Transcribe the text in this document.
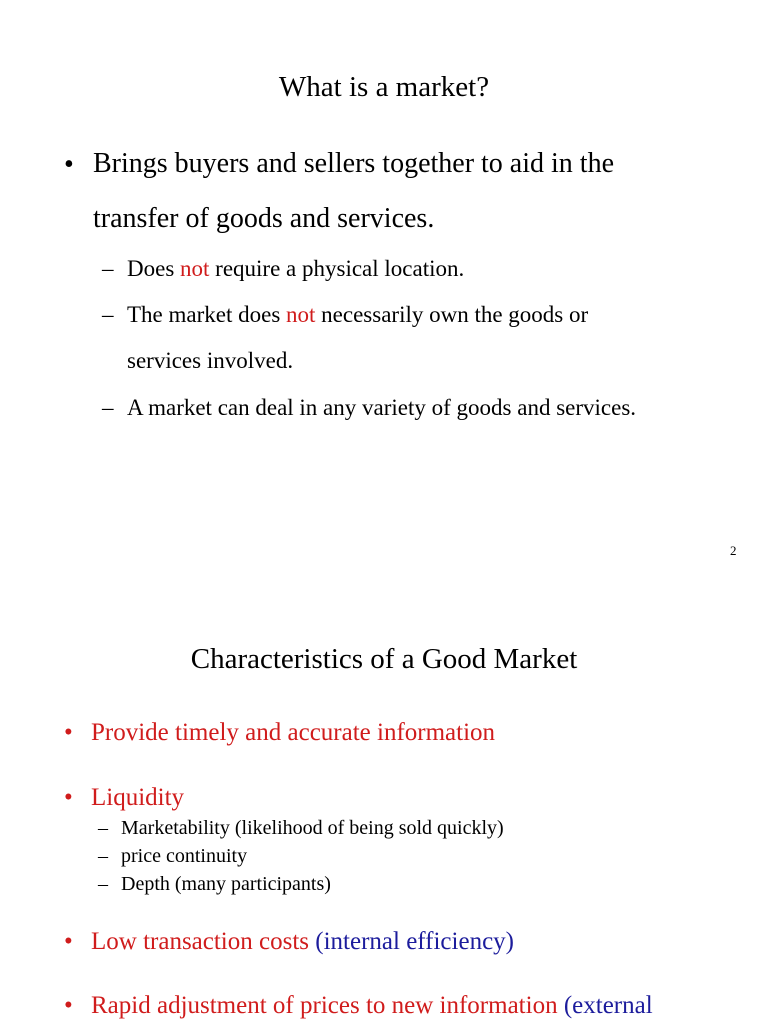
What is a market?
• Brings buyers and sellers together to aid in the
transfer of goods and services.
– Does not require a physical location.
– The market does not necessarily own the goods or
services involved.
– A market can deal in any variety of goods and services.
2
Characteristics of a Good Market
• Provide timely and accurate information
• Liquidity
– Marketability (likelihood of being sold quickly)
– price continuity
– Depth (many participants)
• Low transaction costs (internal efficiency)
• Rapid adjustment of prices to new information (external
